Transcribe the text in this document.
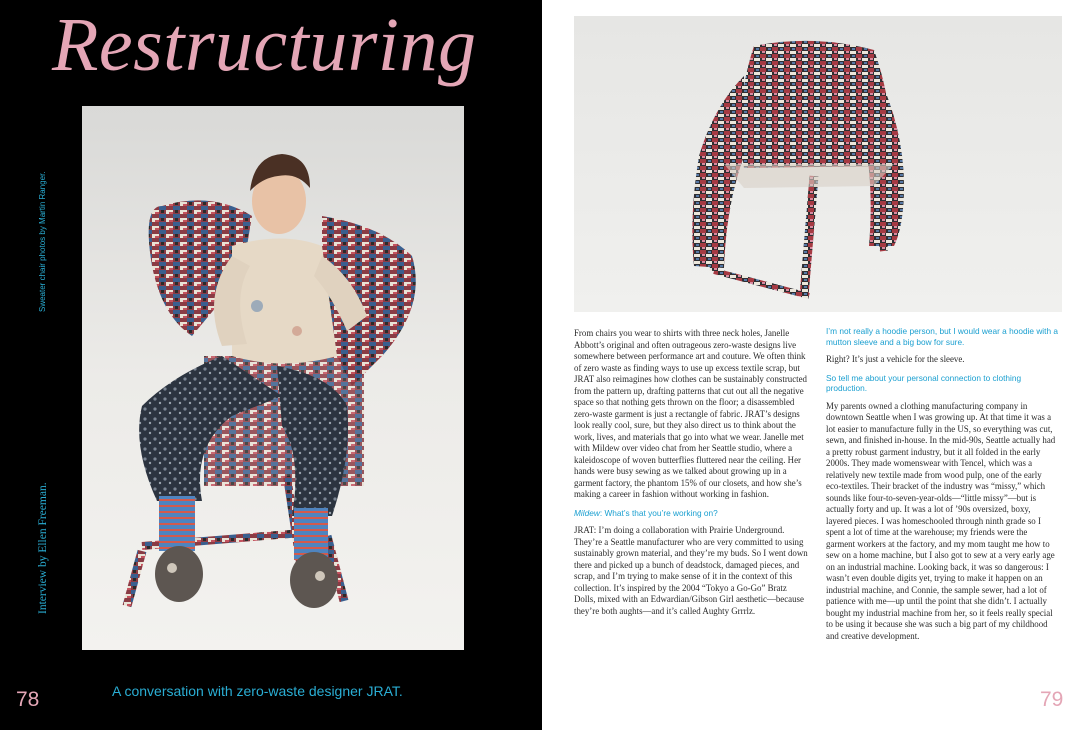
Restructuring
Sweater chair photos by Martin Ranger.
Interview by Ellen Freeman.
78	A conversation with zero-waste designer JRAT.

From chairs you wear to shirts with three neck holes, Janelle Abbott’s original and often outrageous zero-waste designs live somewhere between performance art and couture. We often think of zero waste as finding ways to use up excess textile scrap, but JRAT also reimagines how clothes can be sustainably constructed from the pattern up, drafting patterns that cut out all the negative space so that nothing gets thrown on the floor; a disassembled zero-waste garment is just a rectangle of fabric. JRAT’s designs look really cool, sure, but they also direct us to think about the work, lives, and materials that go into what we wear. Janelle met with Mildew over video chat from her Seattle studio, where a kaleidoscope of woven butterflies fluttered near the ceiling. Her hands were busy sewing as we talked about growing up in a garment factory, the phantom 15% of our closets, and how she’s making a career in fashion without working in fashion.

Mildew: What’s that you’re working on?

JRAT: I’m doing a collaboration with Prairie Underground. They’re a Seattle manufacturer who are very committed to using sustainably grown material, and they’re my buds. So I went down there and picked up a bunch of deadstock, damaged pieces, and scrap, and I’m trying to make sense of it in the context of this collection. It’s inspired by the 2004 “Tokyo a Go-Go” Bratz Dolls, mixed with an Edwardian/Gibson Girl aesthetic—because they’re both aughts—and it’s called Aughty Grrrlz.

I’m not really a hoodie person, but I would wear a hoodie with a mutton sleeve and a big bow for sure.

Right? It’s just a vehicle for the sleeve.

So tell me about your personal connection to clothing production.

My parents owned a clothing manufacturing company in downtown Seattle when I was growing up. At that time it was a lot easier to manufacture fully in the US, so everything was cut, sewn, and finished in-house. In the mid-90s, Seattle actually had a pretty robust garment industry, but it all folded in the early 2000s. They made womenswear with Tencel, which was a relatively new textile made from wood pulp, one of the early eco-textiles. Their bracket of the industry was “missy,” which sounds like four-to-seven-year-olds—“little missy”—but is actually forty and up. It was a lot of ’90s oversized, boxy, layered pieces. I was homeschooled through ninth grade so I spent a lot of time at the warehouse; my friends were the garment workers at the factory, and my mom taught me how to sew on a home machine, but I also got to sew at a very early age on an industrial machine. Looking back, it was so dangerous: I wasn’t even double digits yet, trying to make it happen on an industrial machine, and Connie, the sample sewer, had a lot of patience with me—up until the point that she didn’t. I actually bought my industrial machine from her, so it feels really special to be using it because she was such a big part of my childhood and creative development.

79
